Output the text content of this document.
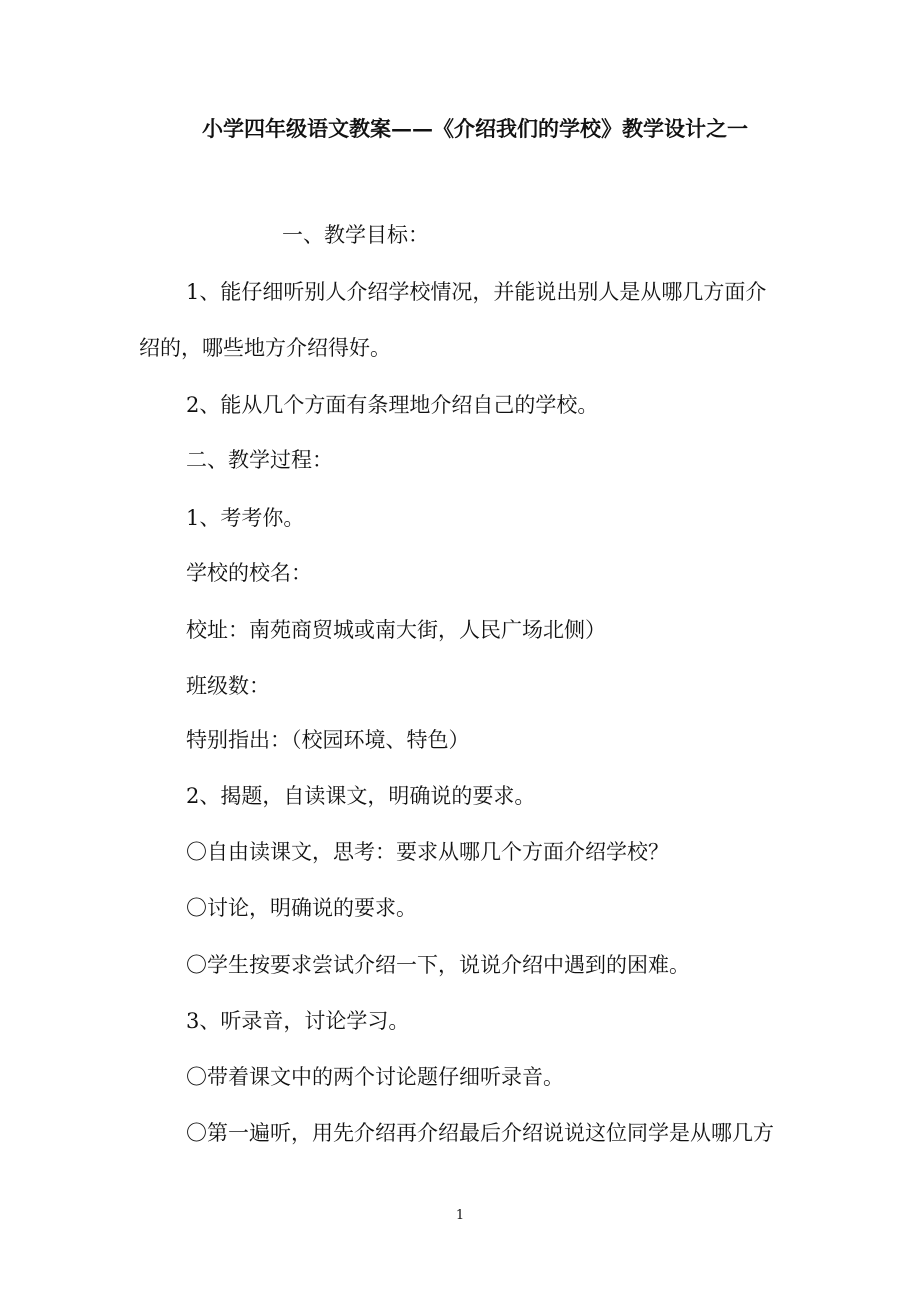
小学四年级语文教案——《介绍我们的学校》教学设计之一
一、教学目标：
1、能仔细听别人介绍学校情况，并能说出别人是从哪几方面介
绍的，哪些地方介绍得好。
2、能从几个方面有条理地介绍自己的学校。
二、教学过程：
1、考考你。
学校的校名：
校址：南苑商贸城或南大街，人民广场北侧）
班级数：
特别指出：（校园环境、特色）
2、揭题，自读课文，明确说的要求。
〇自由读课文，思考：要求从哪几个方面介绍学校？
〇讨论，明确说的要求。
〇学生按要求尝试介绍一下，说说介绍中遇到的困难。
3、听录音，讨论学习。
〇带着课文中的两个讨论题仔细听录音。
〇第一遍听，用先介绍再介绍最后介绍说说这位同学是从哪几方
1
